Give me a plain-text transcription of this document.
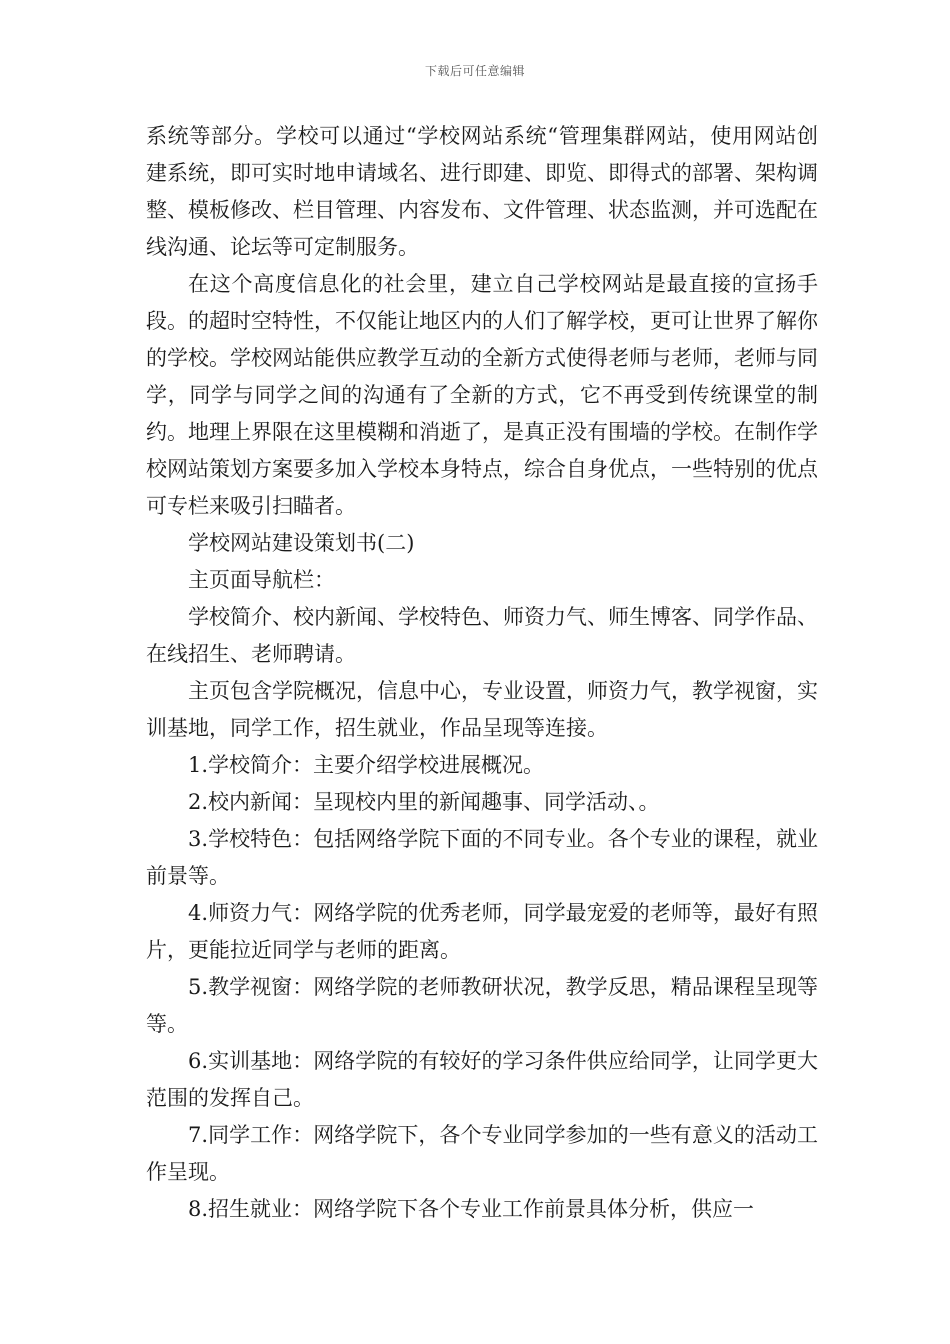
下载后可任意编辑

系统等部分。学校可以通过“学校网站系统“管理集群网站，使用网站创建系统，即可实时地申请域名、进行即建、即览、即得式的部署、架构调整、模板修改、栏目管理、内容发布、文件管理、状态监测，并可选配在线沟通、论坛等可定制服务。

在这个高度信息化的社会里，建立自己学校网站是最直接的宣扬手段。的超时空特性，不仅能让地区内的人们了解学校，更可让世界了解你的学校。学校网站能供应教学互动的全新方式使得老师与老师，老师与同学，同学与同学之间的沟通有了全新的方式，它不再受到传统课堂的制约。地理上界限在这里模糊和消逝了，是真正没有围墙的学校。在制作学校网站策划方案要多加入学校本身特点，综合自身优点，一些特别的优点可专栏来吸引扫瞄者。

学校网站建设策划书(二)

主页面导航栏：

学校简介、校内新闻、学校特色、师资力气、师生博客、同学作品、在线招生、老师聘请。

主页包含学院概况，信息中心，专业设置，师资力气，教学视窗，实训基地，同学工作，招生就业，作品呈现等连接。

1.学校简介：主要介绍学校进展概况。

2.校内新闻：呈现校内里的新闻趣事、同学活动、。

3.学校特色：包括网络学院下面的不同专业。各个专业的课程，就业前景等。

4.师资力气：网络学院的优秀老师，同学最宠爱的老师等，最好有照片，更能拉近同学与老师的距离。

5.教学视窗：网络学院的老师教研状况，教学反思，精品课程呈现等等。

6.实训基地：网络学院的有较好的学习条件供应给同学，让同学更大范围的发挥自己。

7.同学工作：网络学院下，各个专业同学参加的一些有意义的活动工作呈现。

8.招生就业：网络学院下各个专业工作前景具体分析，供应一
